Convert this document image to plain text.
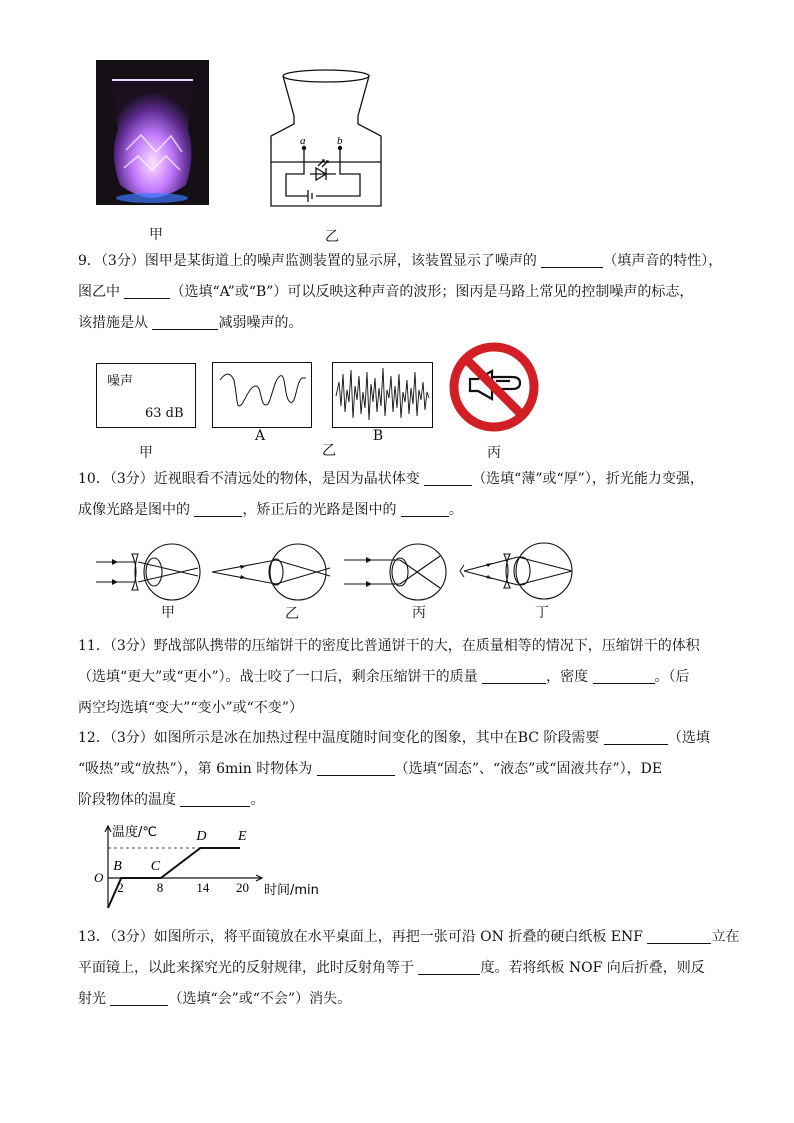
甲
a	b
乙
9．（3分）图甲是某街道上的噪声监测装置的显示屏，该装置显示了噪声的	（填声音的特性），
图乙中	（选填“A”或“B”）可以反映这种声音的波形；图丙是马路上常见的控制噪声的标志，
该措施是从	减弱噪声的。
噪声
63 dB
甲
A
乙
B
丙
10．（3分）近视眼看不清远处的物体，是因为晶状体变	（选填“薄”或“厚”），折光能力变强，
成像光路是图中的	，矫正后的光路是图中的	。
甲	乙	丙	丁
11．（3分）野战部队携带的压缩饼干的密度比普通饼干的大，在质量相等的情况下，压缩饼干的体积
（选填“更大”或“更小”）。战士咬了一口后，剩余压缩饼干的质量	，密度	。（后
两空均选填“变大”“变小”或“不变”）
12．（3分）如图所示是冰在加热过程中温度随时间变化的图象，其中在BC 阶段需要	（选填
“吸热”或“放热”），第 6min 时物体为	（选填“固态”、“液态”或“固液共存”），DE
阶段物体的温度	。
温度/℃
时间/min
O
2	8	14 20
B C
D E
13．（3分）如图所示，将平面镜放在水平桌面上，再把一张可沿 ON 折叠的硬白纸板 ENF	立在
平面镜上，以此来探究光的反射规律，此时反射角等于	度。若将纸板 NOF 向后折叠，则反
射光	（选填“会”或“不会”）消失。
